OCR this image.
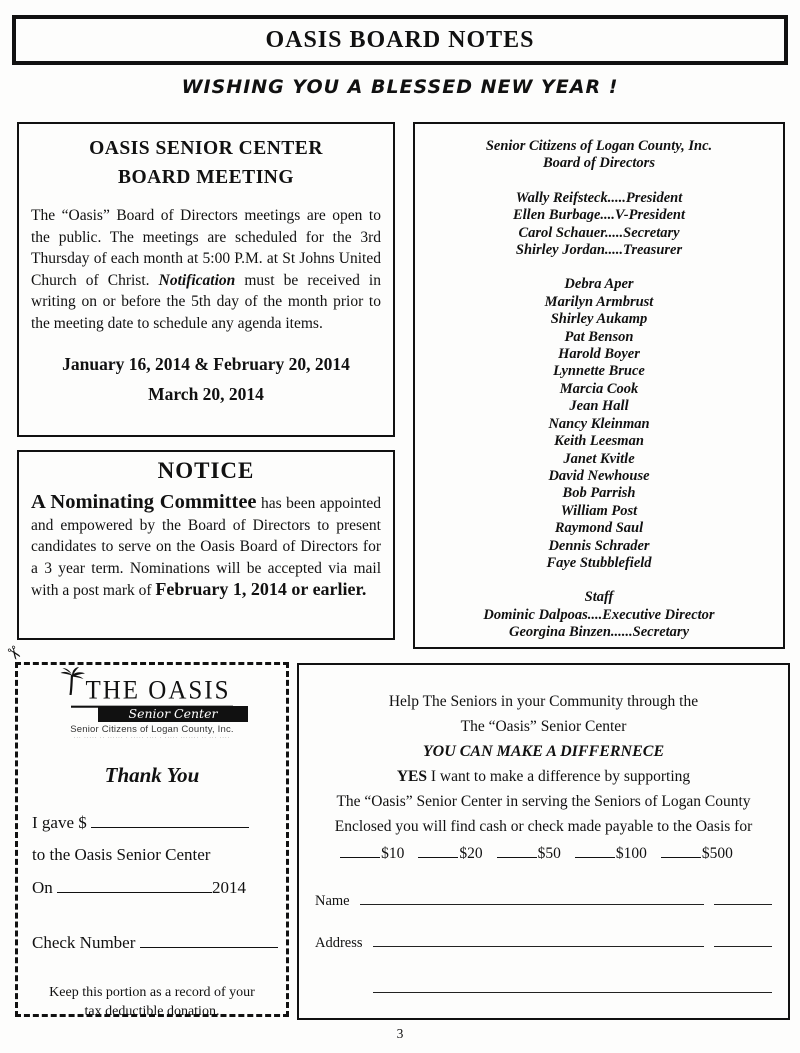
OASIS BOARD NOTES
WISHING YOU A BLESSED NEW YEAR !
OASIS SENIOR CENTER
BOARD MEETING
The “Oasis” Board of Directors meetings are open to the public. The meetings are scheduled for the 3rd Thursday of each month at 5:00 P.M. at St Johns United Church of Christ. Notification must be received in writing on or before the 5th day of the month prior to the meeting date to schedule any agenda items.
January 16, 2014 & February 20, 2014
March 20, 2014
NOTICE
A Nominating Committee has been appointed and empowered by the Board of Directors to present candidates to serve on the Oasis Board of Directors for a 3 year term. Nominations will be accepted via mail with a post mark of February 1, 2014 or earlier.
Senior Citizens of Logan County, Inc.
Board of Directors
Wally Reifsteck.....President
Ellen Burbage....V-President
Carol Schauer.....Secretary
Shirley Jordan.....Treasurer
Debra Aper
Marilyn Armbrust
Shirley Aukamp
Pat Benson
Harold Boyer
Lynnette Bruce
Marcia Cook
Jean Hall
Nancy Kleinman
Keith Leesman
Janet Kvitle
David Newhouse
Bob Parrish
William Post
Raymond Saul
Dennis Schrader
Faye Stubblefield
Staff
Dominic Dalpoas....Executive Director
Georgina Binzen......Secretary
✂
THE OASIS
Senior Center
Senior Citizens of Logan County, Inc.
··· ····· ·· ······ · ····· ···· · ····· ······· ·· ··· ····
Thank You
I gave $
to the Oasis Senior Center
On	2014
Check Number
Keep this portion as a record of your
tax deductible donation.
Help The Seniors in your Community through the
The “Oasis” Senior Center
YOU CAN MAKE A DIFFERNECE
YES I want to make a difference by supporting
The “Oasis” Senior Center in serving the Seniors of Logan County
Enclosed you will find cash or check made payable to the Oasis for
$10	$20	$50	$100	$500
Name
Address
3
